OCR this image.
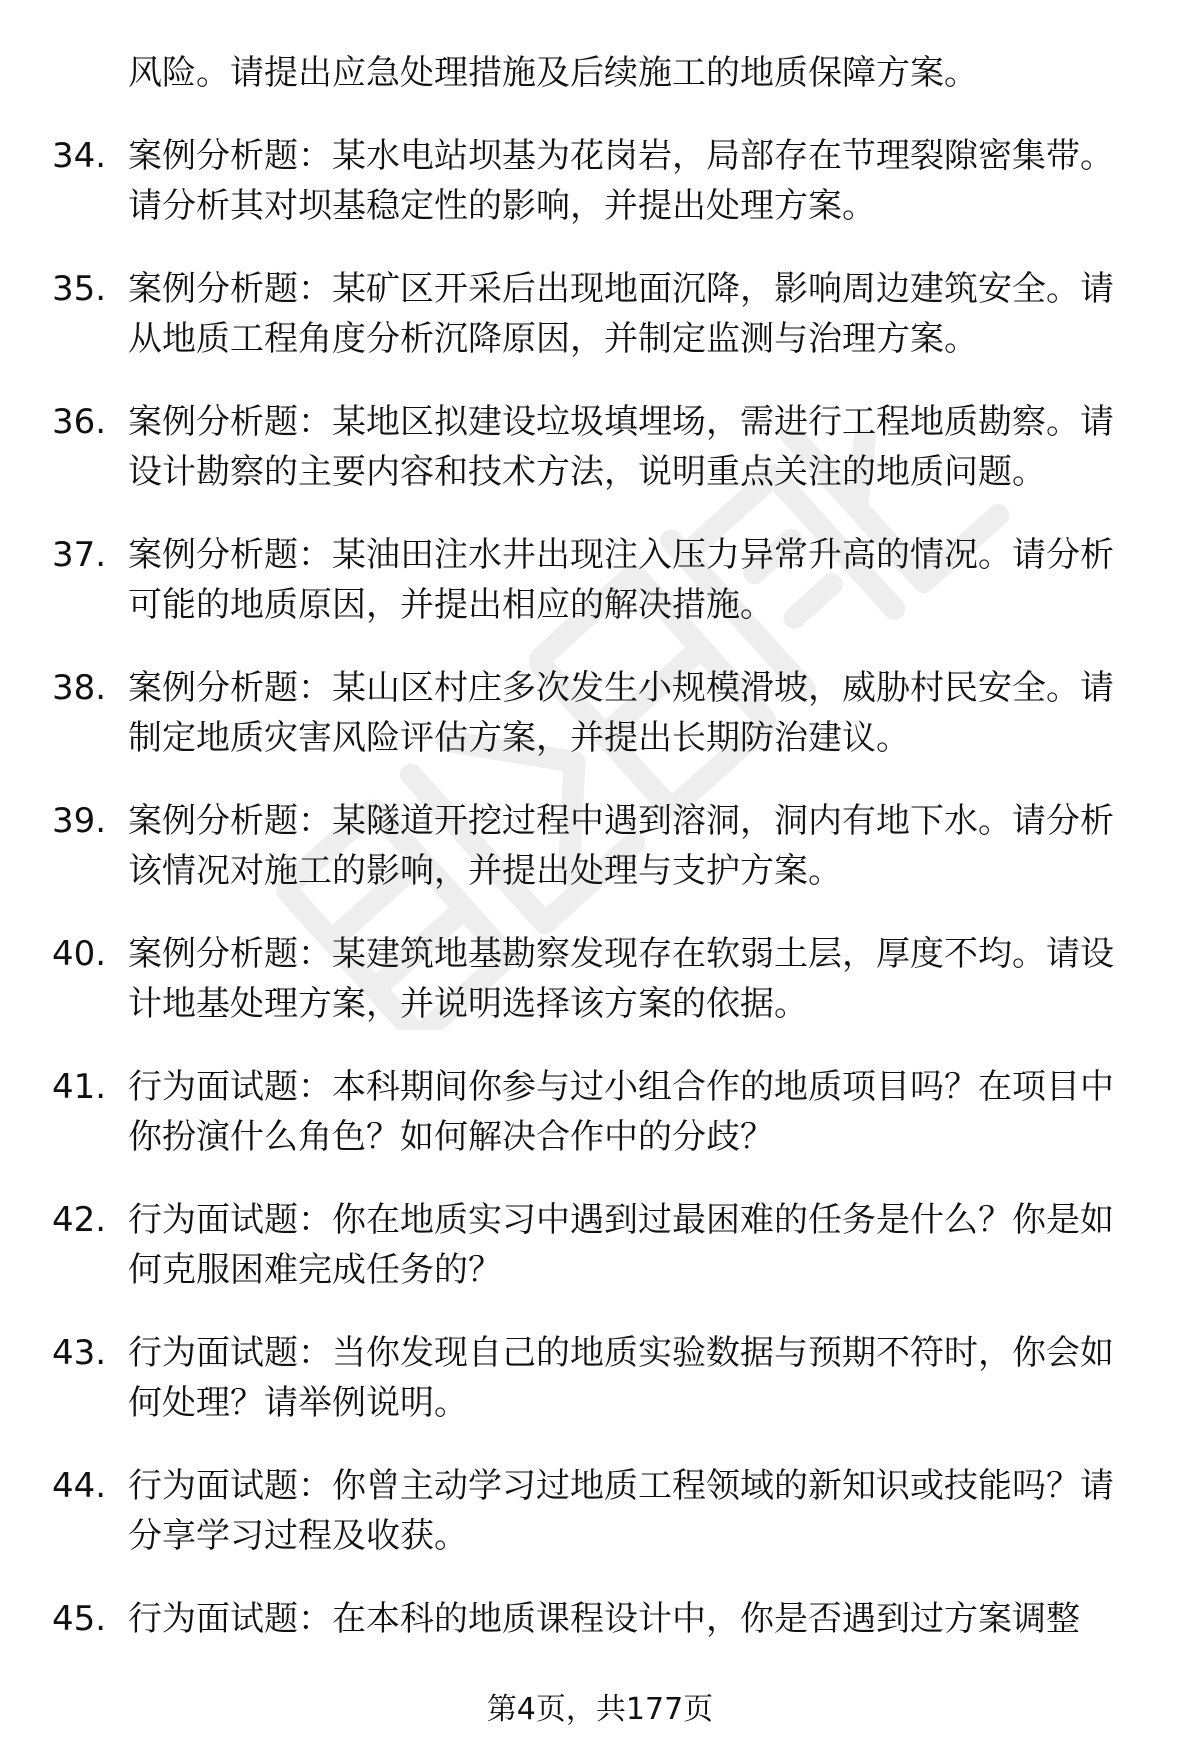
风险。请提出应急处理措施及后续施工的地质保障方案。
34. 案例分析题：某水电站坝基为花岗岩，局部存在节理裂隙密集带。请分析其对坝基稳定性的影响，并提出处理方案。
35. 案例分析题：某矿区开采后出现地面沉降，影响周边建筑安全。请从地质工程角度分析沉降原因，并制定监测与治理方案。
36. 案例分析题：某地区拟建设垃圾填埋场，需进行工程地质勘察。请设计勘察的主要内容和技术方法，说明重点关注的地质问题。
37. 案例分析题：某油田注水井出现注入压力异常升高的情况。请分析可能的地质原因，并提出相应的解决措施。
38. 案例分析题：某山区村庄多次发生小规模滑坡，威胁村民安全。请制定地质灾害风险评估方案，并提出长期防治建议。
39. 案例分析题：某隧道开挖过程中遇到溶洞，洞内有地下水。请分析该情况对施工的影响，并提出处理与支护方案。
40. 案例分析题：某建筑地基勘察发现存在软弱土层，厚度不均。请设计地基处理方案，并说明选择该方案的依据。
41. 行为面试题：本科期间你参与过小组合作的地质项目吗？在项目中你扮演什么角色？如何解决合作中的分歧？
42. 行为面试题：你在地质实习中遇到过最困难的任务是什么？你是如何克服困难完成任务的？
43. 行为面试题：当你发现自己的地质实验数据与预期不符时，你会如何处理？请举例说明。
44. 行为面试题：你曾主动学习过地质工程领域的新知识或技能吗？请分享学习过程及收获。
45. 行为面试题：在本科的地质课程设计中，你是否遇到过方案调整
第4页，共177页
